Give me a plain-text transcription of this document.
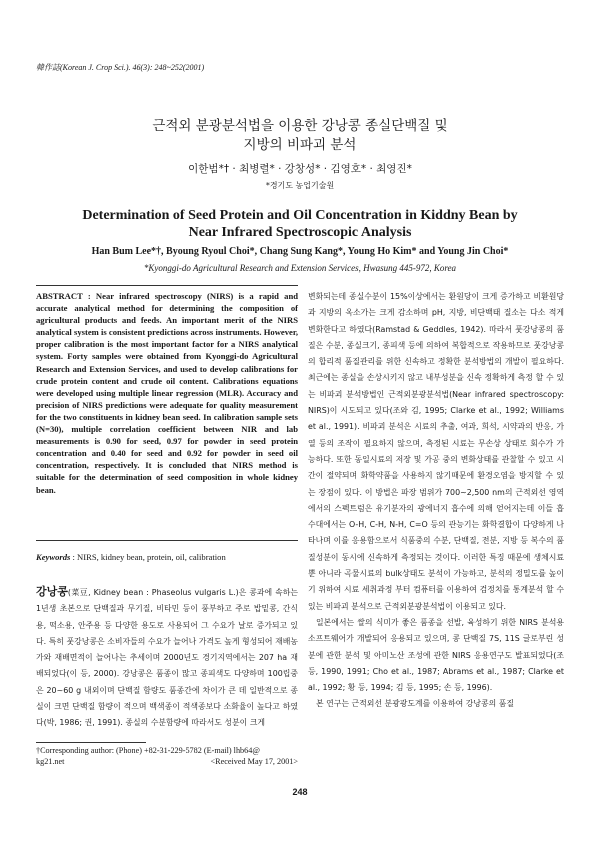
韓作誌(Korean J. Crop Sci.). 46(3): 248~252(2001)
근적외 분광분석법을 이용한 강낭콩 종실단백질 및
지방의 비파괴 분석
이한범*† · 최병렬* · 강창성* · 김영호* · 최영진*
*경기도 농업기술원
Determination of Seed Protein and Oil Concentration in Kiddny Bean by
Near Infrared Spectroscopic Analysis
Han Bum Lee*†, Byoung Ryoul Choi*, Chang Sung Kang*, Young Ho Kim* and Young Jin Choi*
*Kyonggi-do Agricultural Research and Extension Services, Hwasung 445-972, Korea
ABSTRACT : Near infrared spectroscopy (NIRS) is a rapid and accurate analytical method for determining the composition of agricultural products and feeds. An important merit of the NIRS analytical system is consistent predictions across instruments. However, proper calibration is the most important factor for a NIRS analytical system. Forty samples were obtained from Kyonggi-do Agricultural Research and Extension Services, and used to develop calibrations for crude protein content and crude oil content. Calibrations equations were developed using multiple linear regression (MLR). Accuracy and precision of NIRS predictions were adequate for quality measurement for the two constituents in kidney bean seed. In calibration sample sets (N=30), multiple correlation coefficient between NIR and lab measurements is 0.90 for seed, 0.97 for powder in seed protein concentration and 0.40 for seed and 0.92 for powder in seed oil concentration, respectively. It is concluded that NIRS method is suitable for the determination of seed composition in whole kidney bean.
Keywords : NIRS, kidney bean, protein, oil, calibration
강낭콩(菜豆, Kidney bean : Phaseolus vulgaris L.)은 콩과에 속하는 1년생 초본으로 단백질과 무기질, 비타민 등이 풍부하고 주로 밥밑콩, 간식용, 떡소용, 안주용 등 다양한 용도로 사용되어 그 수요가 날로 증가되고 있다. 특히 풋강낭콩은 소비자들의 수요가 늘어나 가격도 높게 형성되어 재배농가와 재배면적이 늘어나는 추세이며 2000년도 경기지역에서는 207 ha 재배되었다(이 등, 2000). 강낭콩은 품종이 많고 종피색도 다양하며 100립중은 20~60 g 내외이며 단백질 함량도 품종간에 차이가 큰 데 일반적으로 종실이 크면 단백질 함량이 적으며 백색종이 적색종보다 소화율이 높다고 하였다(박, 1986; 권, 1991). 종실의 수분함량에 따라서도 성분이 크게
†Corresponding author: (Phone) +82-31-229-5782 (E-mail) lhb64@
kg21.net	<Received May 17, 2001>

변화되는데 종실수분이 15%이상에서는 환원당이 크게 증가하고 비환원당과 지방의 옥소가는 크게 감소하며 pH, 지방, 비단백태 질소는 다소 적게 변화한다고 하였다(Ramstad & Geddles, 1942). 따라서 풋강낭콩의 품질은 수분, 종실크기, 종피색 등에 의하여 복합적으로 작용하므로 풋강낭콩의 합리적 품질관리를 위한 신속하고 정확한 분석방법의 개발이 필요하다. 최근에는 종실을 손상시키지 않고 내부성분을 신속 정확하게 측정 할 수 있는 비파괴 분석방법인 근적외분광분석법(Near infrared spectroscopy: NIRS)이 시도되고 있다(조와 김, 1995; Clarke et al., 1992; Williams et al., 1991). 비파괴 분석은 시료의 추출, 여과, 희석, 시약과의 반응, 가열 등의 조작이 필요하지 않으며, 측정된 시료는 무손상 상태로 회수가 가능하다. 또한 동일시료의 저장 및 가공 중의 변화상태를 관찰할 수 있고 시간이 절약되며 화학약품을 사용하지 않기때문에 환경오염을 방지할 수 있는 장점이 있다. 이 방법은 파장 범위가 700~2,500 nm의 근적외선 영역에서의 스펙트럼은 유기분자의 광에너지 흡수에 의해 얻어지는데 이들 흡수대에서는 O-H, C-H, N-H, C=O 등의 관능기는 화학결합이 다양하게 나타나며 이를 응용함으로서 식품중의 수분, 단백질, 전분, 지방 등 복수의 품질성분이 동시에 신속하게 측정되는 것이다. 이러한 특징 때문에 생체시료 뿐 아니라 곡물시료의 bulk상태도 분석이 가능하고, 분석의 정밀도를 높이기 위하여 시료 세취과정 부터 컴퓨터를 이용하여 검정치를 통계분석 할 수 있는 비파괴 분석으로 근적외분광분석법이 이용되고 있다.

일본에서는 쌀의 식미가 좋은 품종을 선발, 육성하기 위한 NIRS 분석용 소프트웨어가 개발되어 응용되고 있으며, 콩 단백질 7S, 11S 글로부린 성분에 관한 분석 및 아미노산 조성에 관한 NIRS 응용연구도 발표되었다(조 등, 1990, 1991; Cho et al., 1987; Abrams et al., 1987; Clarke et al., 1992; 황 등, 1994; 김 등, 1995; 손 등, 1996).

본 연구는 근적외선 분광광도계를 이용하여 강낭콩의 품질

248
